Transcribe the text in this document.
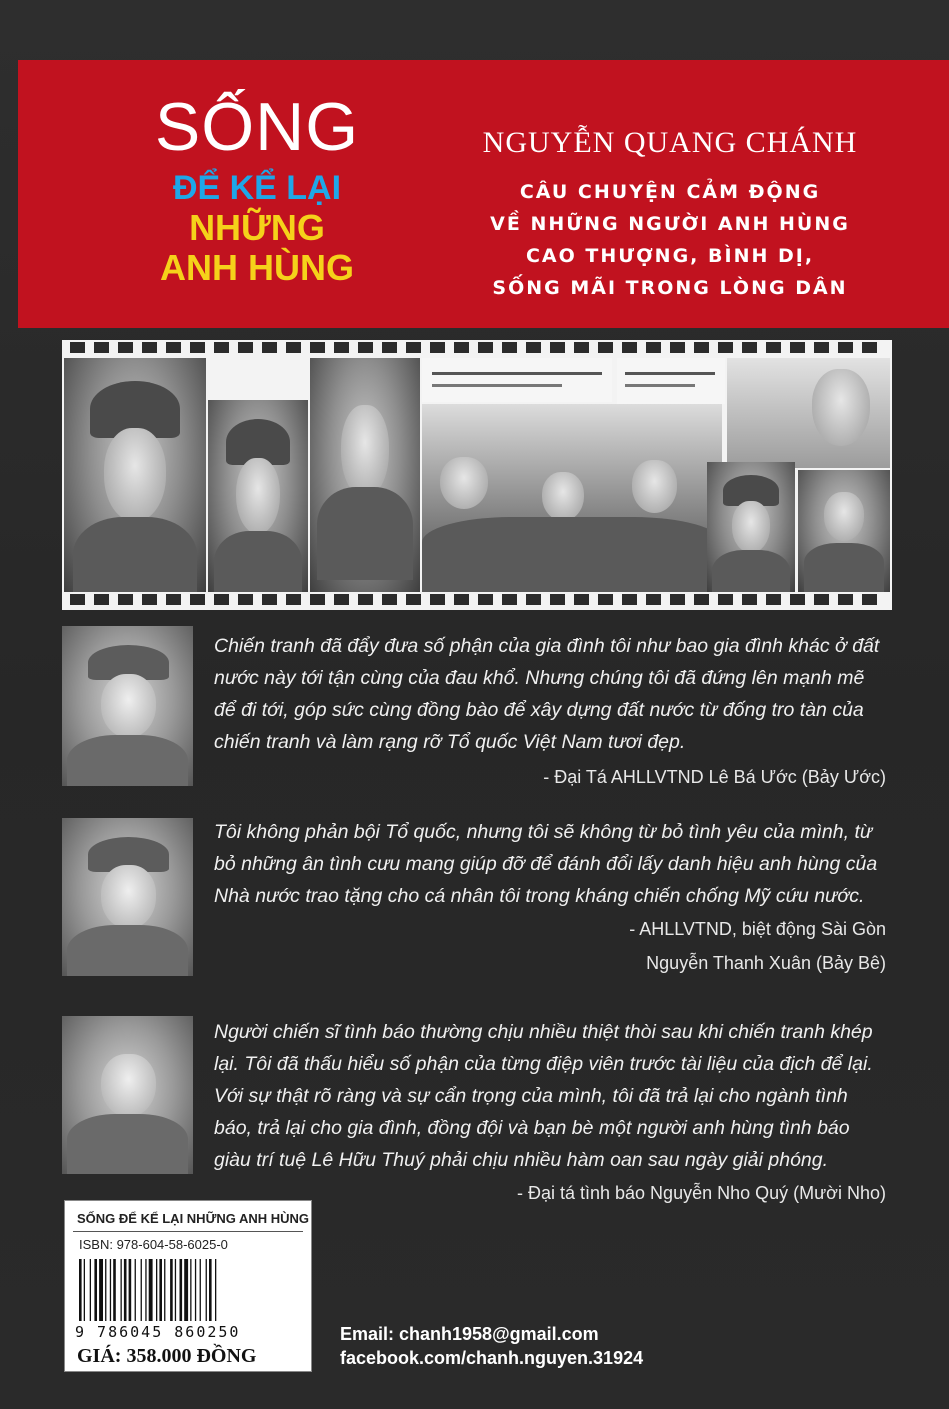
SỐNG
ĐỂ KỂ LẠI
NHỮNG
ANH HÙNG
NGUYỄN QUANG CHÁNH
CÂU CHUYỆN CẢM ĐỘNG
VỀ NHỮNG NGƯỜI ANH HÙNG
CAO THƯỢNG, BÌNH DỊ,
SỐNG MÃI TRONG LÒNG DÂN
Chiến tranh đã đẩy đưa số phận của gia đình tôi như bao gia đình khác ở đất
nước này tới tận cùng của đau khổ. Nhưng chúng tôi đã đứng lên mạnh mẽ
để đi tới, góp sức cùng đồng bào để xây dựng đất nước từ đống tro tàn của
chiến tranh và làm rạng rỡ Tổ quốc Việt Nam tươi đẹp.
- Đại Tá AHLLVTND Lê Bá Ước (Bảy Ước)
Tôi không phản bội Tổ quốc, nhưng tôi sẽ không từ bỏ tình yêu của mình, từ
bỏ những ân tình cưu mang giúp đỡ để đánh đổi lấy danh hiệu anh hùng của
Nhà nước trao tặng cho cá nhân tôi trong kháng chiến chống Mỹ cứu nước.
- AHLLVTND, biệt động Sài Gòn
Nguyễn Thanh Xuân (Bảy Bê)
Người chiến sĩ tình báo thường chịu nhiều thiệt thòi sau khi chiến tranh khép
lại. Tôi đã thấu hiểu số phận của từng điệp viên trước tài liệu của địch để lại.
Với sự thật rõ ràng và sự cẩn trọng của mình, tôi đã trả lại cho ngành tình
báo, trả lại cho gia đình, đồng đội và bạn bè một người anh hùng tình báo
giàu trí tuệ Lê Hữu Thuý phải chịu nhiều hàm oan sau ngày giải phóng.
- Đại tá tình báo Nguyễn Nho Quý (Mười Nho)
SỐNG ĐỂ KỂ LẠI NHỮNG ANH HÙNG
ISBN: 978-604-58-6025-0
9 786045 860250
GIÁ: 358.000 ĐỒNG
Email: chanh1958@gmail.com
facebook.com/chanh.nguyen.31924
